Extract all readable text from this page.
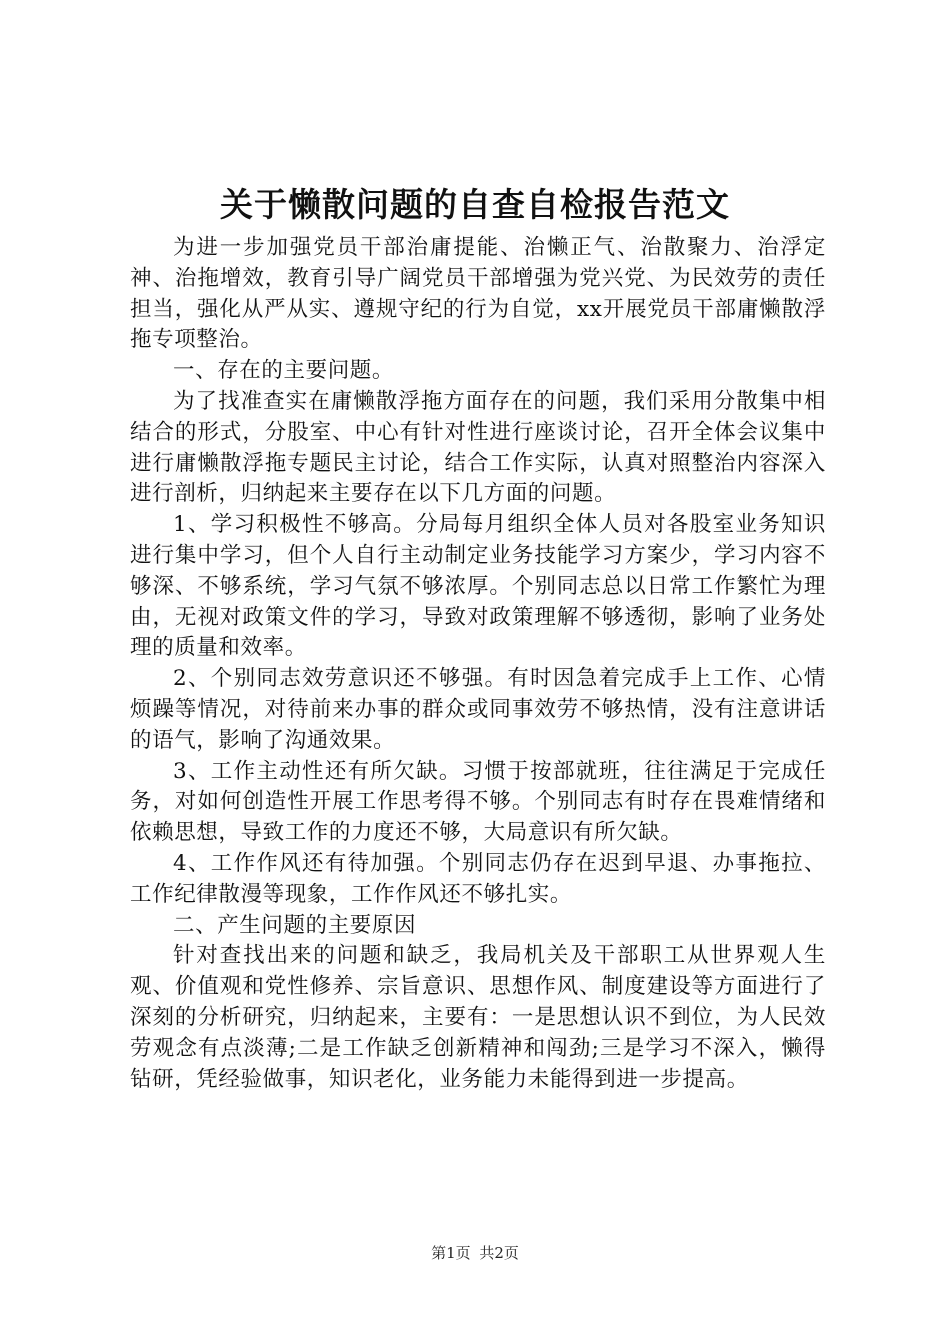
关于懒散问题的自查自检报告范文

为进一步加强党员干部治庸提能、治懒正气、治散聚力、治浮定神、治拖增效，教育引导广阔党员干部增强为党兴党、为民效劳的责任担当，强化从严从实、遵规守纪的行为自觉，xx开展党员干部庸懒散浮拖专项整治。

一、存在的主要问题。

为了找准查实在庸懒散浮拖方面存在的问题，我们采用分散集中相结合的形式，分股室、中心有针对性进行座谈讨论，召开全体会议集中进行庸懒散浮拖专题民主讨论，结合工作实际，认真对照整治内容深入进行剖析，归纳起来主要存在以下几方面的问题。

1、学习积极性不够高。分局每月组织全体人员对各股室业务知识进行集中学习，但个人自行主动制定业务技能学习方案少，学习内容不够深、不够系统，学习气氛不够浓厚。个别同志总以日常工作繁忙为理由，无视对政策文件的学习，导致对政策理解不够透彻，影响了业务处理的质量和效率。

2、个别同志效劳意识还不够强。有时因急着完成手上工作、心情烦躁等情况，对待前来办事的群众或同事效劳不够热情，没有注意讲话的语气，影响了沟通效果。

3、工作主动性还有所欠缺。习惯于按部就班，往往满足于完成任务，对如何创造性开展工作思考得不够。个别同志有时存在畏难情绪和依赖思想，导致工作的力度还不够，大局意识有所欠缺。

4、工作作风还有待加强。个别同志仍存在迟到早退、办事拖拉、工作纪律散漫等现象，工作作风还不够扎实。

二、产生问题的主要原因

针对查找出来的问题和缺乏，我局机关及干部职工从世界观人生观、价值观和党性修养、宗旨意识、思想作风、制度建设等方面进行了深刻的分析研究，归纳起来，主要有：一是思想认识不到位，为人民效劳观念有点淡薄;二是工作缺乏创新精神和闯劲;三是学习不深入，懒得钻研，凭经验做事，知识老化，业务能力未能得到进一步提高。

第1页 共2页
